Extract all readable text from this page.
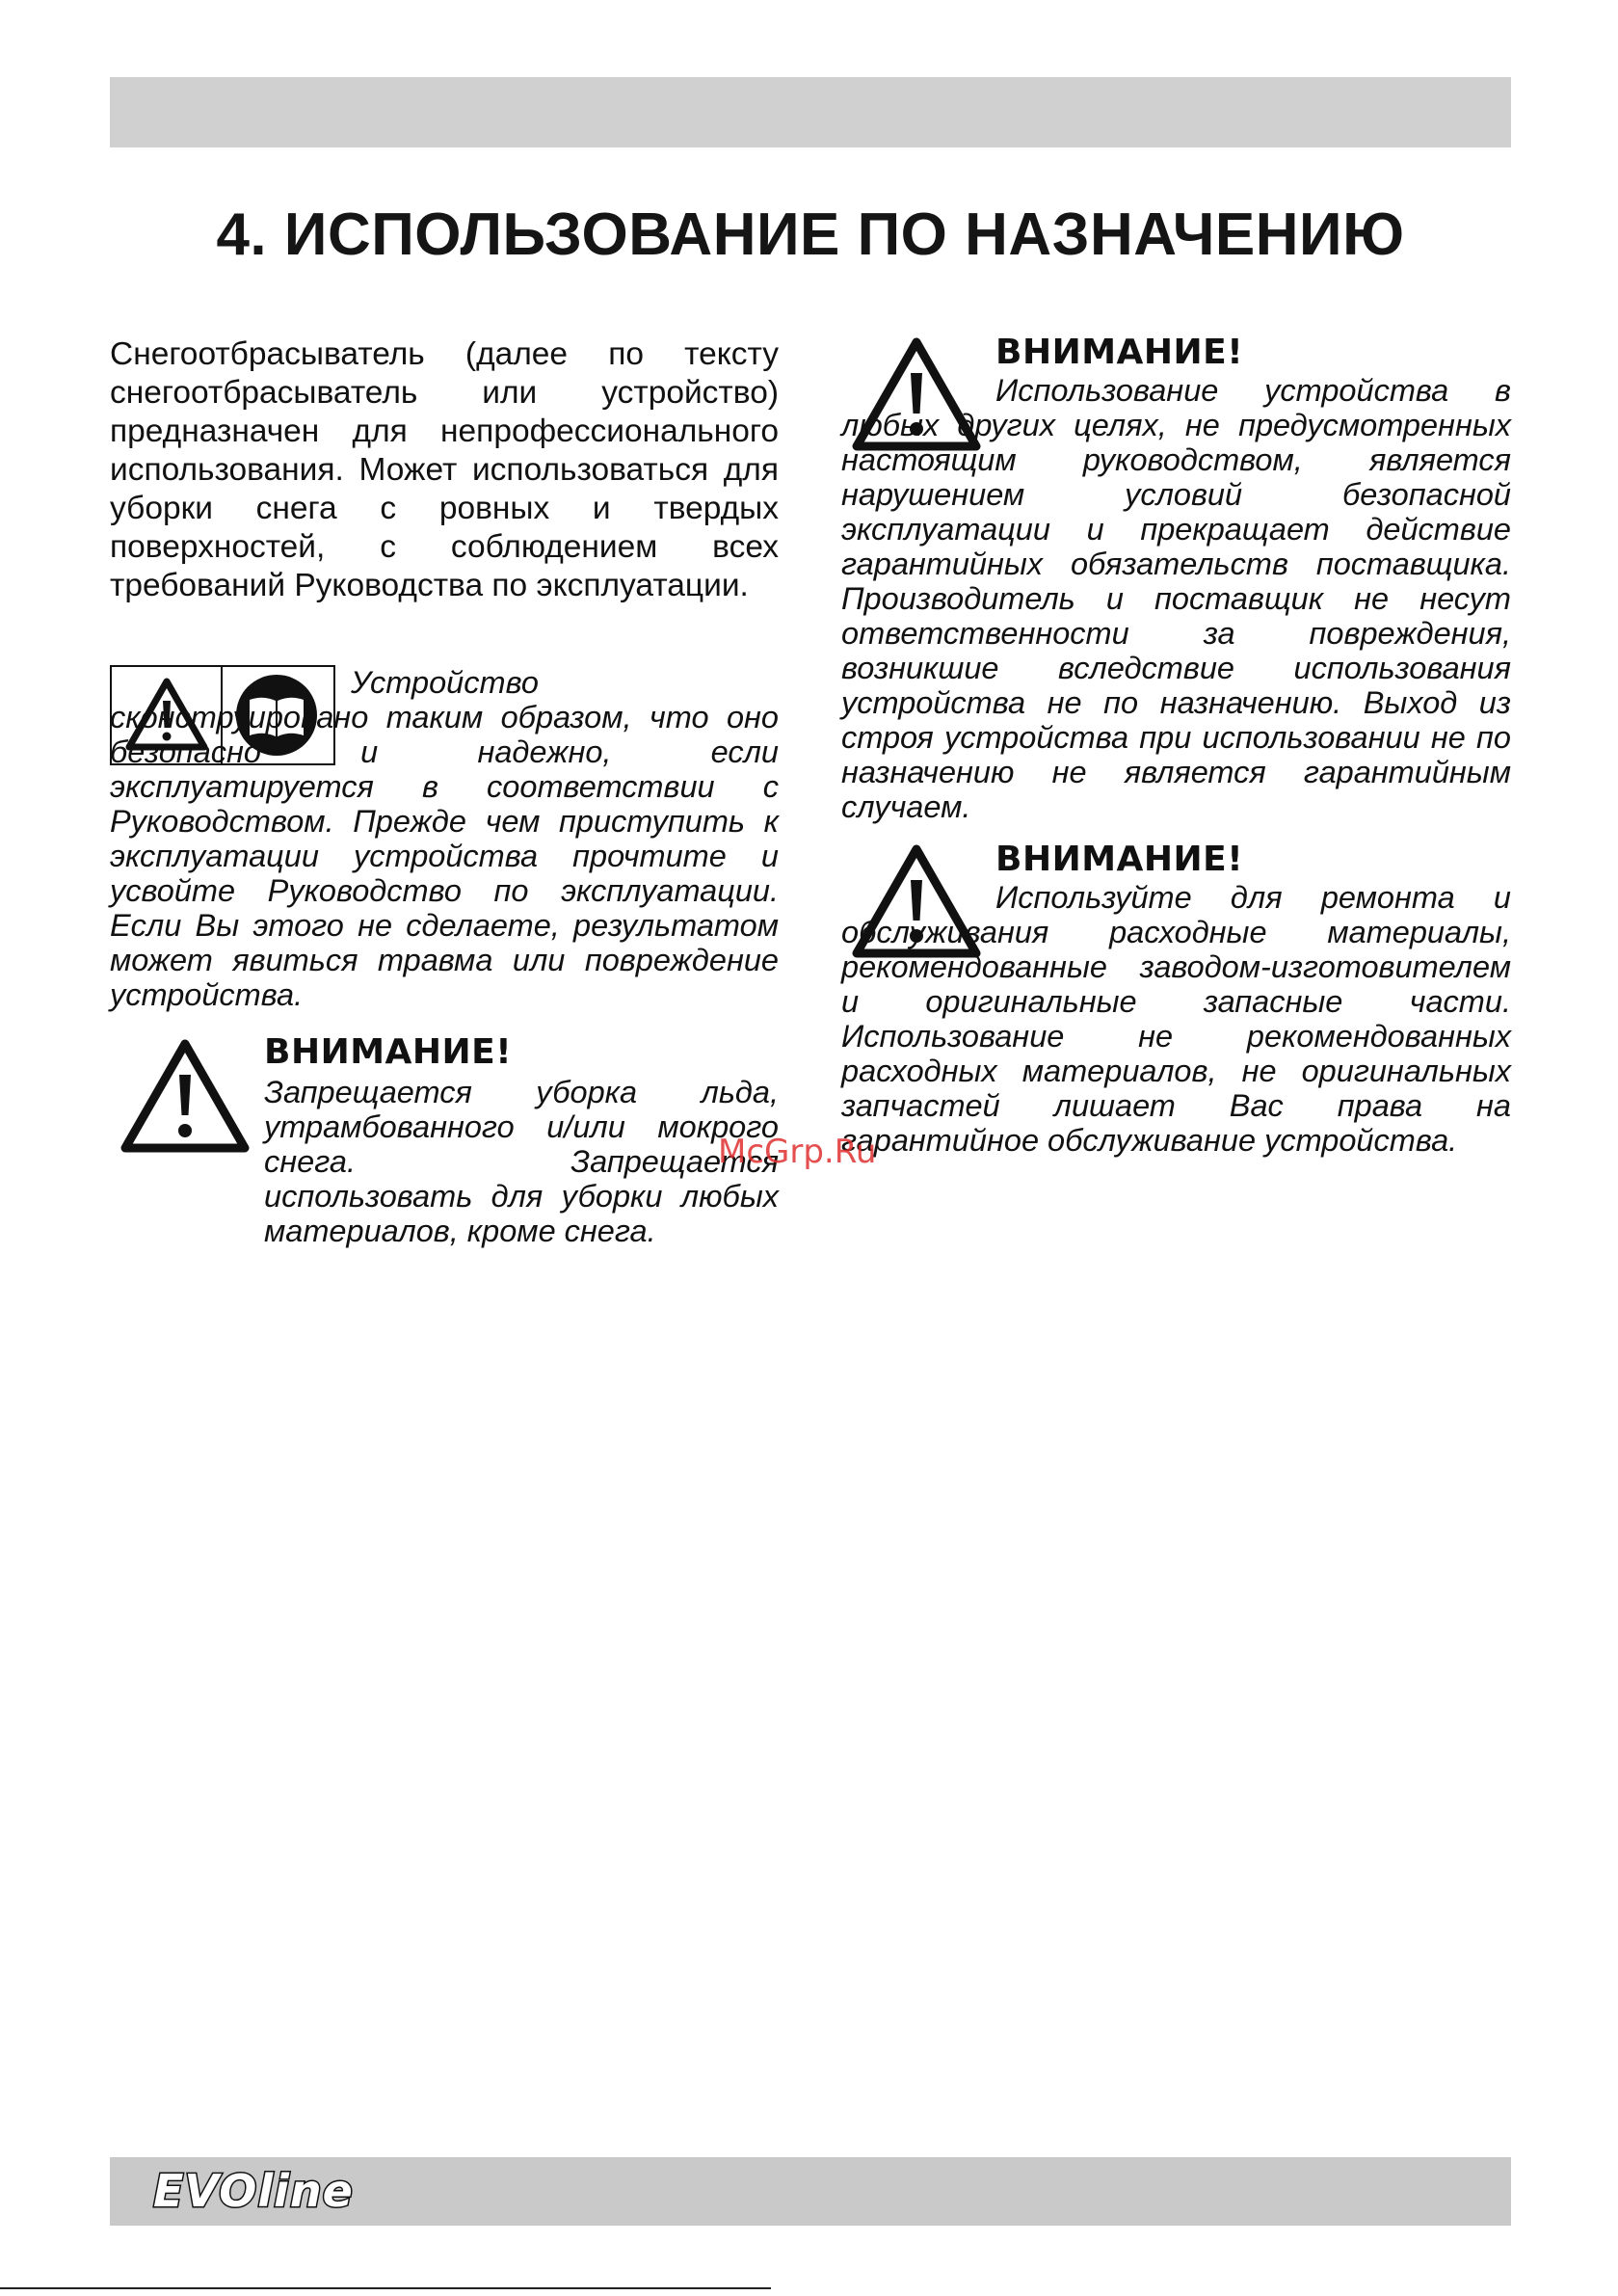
4. ИСПОЛЬЗОВАНИЕ ПО НАЗНАЧЕНИЮ

Снегоотбрасыватель (далее по тексту снегоотбрасыватель или устройство) предназначен для непрофессионального использования. Может использоваться для уборки снега с ровных и твердых поверхностей, с соблюдением всех требований Руководства по эксплуатации.

Устройство сконструировано таким образом, что оно безопасно и надежно, если эксплуатируется в соответствии с Руководством. Прежде чем приступить к эксплуатации устройства прочтите и усвойте Руководство по эксплуатации. Если Вы этого не сделаете, результатом может явиться травма или повреждение устройства.

ВНИМАНИЕ!

Запрещается уборка льда, утрамбованного и/или мокрого снега. Запрещается использовать для уборки любых материалов, кроме снега.

ВНИМАНИЕ!

Использование устройства в любых других целях, не предусмотренных настоящим руководством, является нарушением условий безопасной эксплуатации и прекращает действие гарантийных обязательств поставщика. Производитель и поставщик не несут ответственности за повреждения, возникшие вследствие использования устройства не по назначению. Выход из строя устройства при использовании не по назначению не является гарантийным случаем.

ВНИМАНИЕ!

Используйте для ремонта и обслуживания расходные материалы, рекомендованные заводом-изготовителем и оригинальные запасные части. Использование не рекомендованных расходных материалов, не оригинальных запчастей лишает Вас права на гарантийное обслуживание устройства.

McGrp.Ru
EVOline
